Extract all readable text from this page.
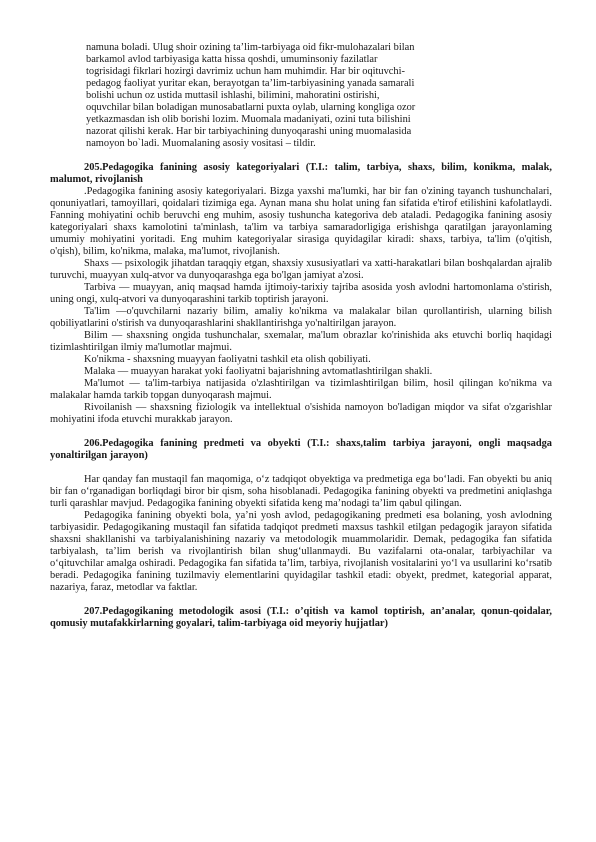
namuna boladi. Ulug shoir ozining ta’lim-tarbiyaga oid fikr-mulohazalari bilan

barkamol avlod tarbiyasiga katta hissa qoshdi, umuminsoniy fazilatlar

togrisidagi fikrlari hozirgi davrimiz uchun ham muhimdir. Har bir oqituvchi-

pedagog faoliyat yuritar ekan, berayotgan ta’lim-tarbiyasining yanada samarali

bolishi uchun oz ustida muttasil ishlashi, bilimini, mahoratini ostirishi,

oquvchilar bilan boladigan munosabatlarni puxta oylab, ularning kongliga ozor

yetkazmasdan ish olib borishi lozim. Muomala madaniyati, ozini tuta bilishini

nazorat qilishi kerak. Har bir tarbiyachining dunyoqarashi uning muomalasida

namoyon bo`ladi. Muomalaning asosiy vositasi – tildir.

205.Pedagogika fanining asosiy kategoriyalari (T.I.: talim, tarbiya, shaxs, bilim, konikma, malak, malumot, rivojlanish

.Pedagogika fanining asosiy kategoriyalari. Bizga yaxshi ma'lumki, har bir fan o'zining tayanch tushunchalari, qonuniyatlari, tamoyillari, qoidalari tizimiga ega. Aynan mana shu holat uning fan sifatida e'tirof etilishini kafolatlaydi. Fanning mohiyatini ochib beruvchi eng muhim, asosiy tushuncha kategoriva deb ataladi. Pedagogika fanining asosiy kategoriyalari shaxs kamolotini ta'minlash, ta'lim va tarbiya samaradorligiga erishishga qaratilgan jarayonlaming umumiy mohiyatini yoritadi. Eng muhim kategoriyalar sirasiga quyidagilar kiradi: shaxs, tarbiya, ta'lim (o'qitish, o'qish), bilim, ko'nikma, malaka, ma'lumot, rivojlanish.

Shaxs — psixologik jihatdan taraqqiy etgan, shaxsiy xususiyatlari va xatti-harakatlari bilan boshqalardan ajralib turuvchi, muayyan xulq-atvor va dunyoqarashga ega bo'lgan jamiyat a'zosi.

Tarbiva — muayyan, aniq maqsad hamda ijtimoiy-tarixiy tajriba asosida yosh avlodni hartomonlama o'stirish, uning ongi, xulq-atvori va dunyoqarashini tarkib toptirish jarayoni.

Ta'lim —o'quvchilarni nazariy bilim, amaliy ko'nikma va malakalar bilan qurollantirish, ularning bilish qobiliyatlarini o'stirish va dunyoqarashlarini shakllantirishga yo'naltirilgan jarayon.

Bilim — shaxsning ongida tushunchalar, sxemalar, ma'lum obrazlar ko'rinishida aks etuvchi borliq haqidagi tizimlashtirilgan ilmiy ma'lumotlar majmui.

Ko'nikma - shaxsning muayyan faoliyatni tashkil eta olish qobiliyati.

Malaka — muayyan harakat yoki faoliyatni bajarishning avtomatlashtirilgan shakli.

Ma'lumot — ta'lim-tarbiya natijasida o'zlashtirilgan va tizimlashtirilgan bilim, hosil qilingan ko'nikma va malakalar hamda tarkib topgan dunyoqarash majmui.

Rivoilanish — shaxsning fiziologik va intellektual o'sishida namoyon bo'ladigan miqdor va sifat o'zgarishlar mohiyatini ifoda etuvchi murakkab jarayon.

206.Pedagogika fanining predmeti va obyekti (T.I.: shaxs,talim tarbiya jarayoni, ongli maqsadga yonaltirilgan jarayon)

Har qanday fan mustaqil fan maqomiga, o‘z tadqiqot obyektiga va predmetiga ega bo‘ladi. Fan obyekti bu aniq bir fan o‘rganadigan borliqdagi biror bir qism, soha hisoblanadi. Pedagogika fanining obyekti va predmetini aniqlashga turli qarashlar mavjud. Pedagogika fanining obyekti sifatida keng ma’nodagi ta’lim qabul qilingan.

Pedagogika fanining obyekti bola, ya’ni yosh avlod, pedagogikaning predmeti esa bolaning, yosh avlodning tarbiyasidir. Pedagogikaning mustaqil fan sifatida tadqiqot predmeti maxsus tashkil etilgan pedagogik jarayon sifatida shaxsni shakllanishi va tarbiyalanishining nazariy va metodologik muammolaridir. Demak, pedagogika fan sifatida tarbiyalash, ta’lim berish va rivojlantirish bilan shug‘ullanmaydi. Bu vazifalarni ota-onalar, tarbiyachilar va o‘qituvchilar amalga oshiradi. Pedagogika fan sifatida ta’lim, tarbiya, rivojlanish vositalarini yo‘l va usullarini ko‘rsatib beradi. Pedagogika fanining tuzilmaviy elementlarini quyidagilar tashkil etadi: obyekt, predmet, kategorial apparat, nazariya, faraz, metodlar va faktlar.

207.Pedagogikaning metodologik asosi (T.I.: o’qitish va kamol toptirish, an’analar, qonun-qoidalar, qomusiy mutafakkirlarning goyalari, talim-tarbiyaga oid meyoriy hujjatlar)
